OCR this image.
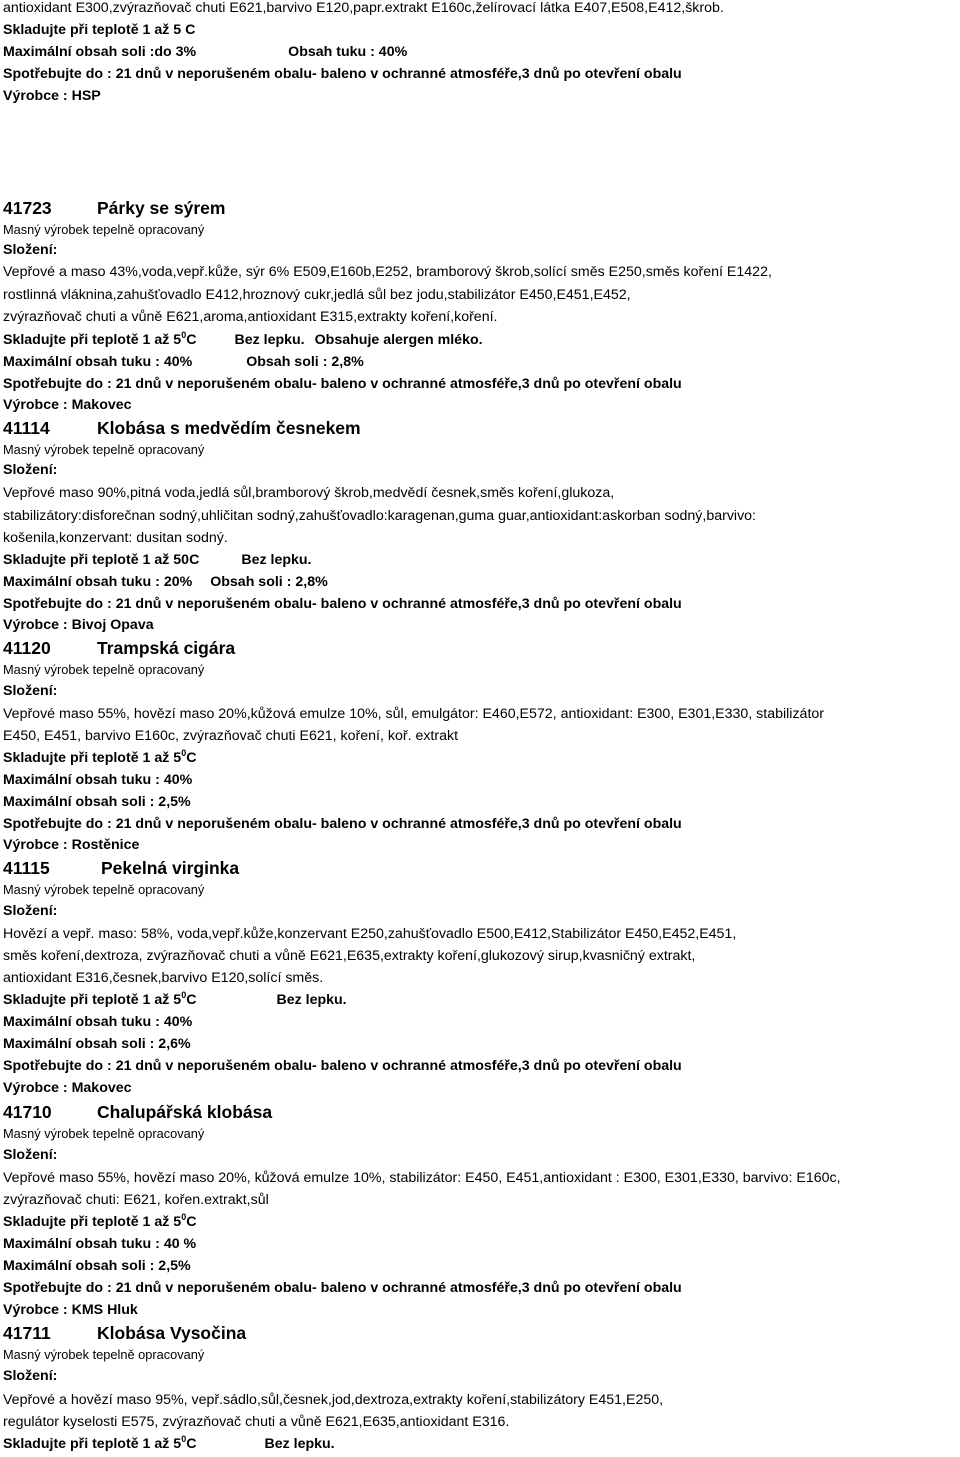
antioxidant E300,zvýrazňovač chuti E621,barvivo E120,papr.extrakt E160c,želírovací látka E407,E508,E412,škrob.
Skladujte při teplotě 1 až 5 C
Maximální obsah soli :do 3%	Obsah tuku : 40%
Spotřebujte do : 21 dnů v neporušeném obalu- baleno v ochranné atmosféře,3 dnů po otevření obalu
Výrobce : HSP
41723	Párky se sýrem
Masný výrobek tepelně opracovaný
Složení:
Vepřové a maso 43%,voda,vepř.kůže, sýr 6% E509,E160b,E252, bramborový škrob,solící směs E250,směs koření E1422,
rostlinná vláknina,zahušťovadlo E412,hroznový cukr,jedlá sůl bez jodu,stabilizátor E450,E451,E452,
zvýrazňovač chuti a vůně E621,aroma,antioxidant E315,extrakty koření,koření.
Skladujte při teplotě 1 až $5^0C$	Bez lepku. Obsahuje alergen mléko.
Maximální obsah tuku : 40%	Obsah soli : 2,8%
Spotřebujte do : 21 dnů v neporušeném obalu- baleno v ochranné atmosféře,3 dnů po otevření obalu
Výrobce : Makovec
41114	Klobása s medvědím česnekem
Masný výrobek tepelně opracovaný
Složení:
Vepřové maso 90%,pitná voda,jedlá sůl,bramborový škrob,medvědí česnek,směs koření,glukoza,
stabilizátory:disforečnan sodný,uhličitan sodný,zahušťovadlo:karagenan,guma guar,antioxidant:askorban sodný,barvivo:
košenila,konzervant: dusitan sodný.
Skladujte při teplotě 1 až 50C	Bez lepku.
Maximální obsah tuku : 20% Obsah soli : 2,8%
Spotřebujte do : 21 dnů v neporušeném obalu- baleno v ochranné atmosféře,3 dnů po otevření obalu
Výrobce : Bivoj Opava
41120	Trampská cigára
Masný výrobek tepelně opracovaný
Složení:
Vepřové maso 55%, hovězí maso 20%,kůžová emulze 10%, sůl, emulgátor: E460,E572, antioxidant: E300, E301,E330, stabilizátor
E450, E451, barvivo E160c, zvýrazňovač chuti E621, koření, koř. extrakt
Skladujte při teplotě 1 až $5^0C$
Maximální obsah tuku : 40%
Maximální obsah soli : 2,5%
Spotřebujte do : 21 dnů v neporušeném obalu- baleno v ochranné atmosféře,3 dnů po otevření obalu
Výrobce : Rostěnice
41115	Pekelná virginka
Masný výrobek tepelně opracovaný
Složení:
Hovězí a vepř. maso: 58%, voda,vepř.kůže,konzervant E250,zahušťovadlo E500,E412,Stabilizátor E450,E452,E451,
směs koření,dextroza, zvýrazňovač chuti a vůně E621,E635,extrakty koření,glukozový sirup,kvasničný extrakt,
antioxidant E316,česnek,barvivo E120,solící směs.
Skladujte při teplotě 1 až $5^0C$	Bez lepku.
Maximální obsah tuku : 40%
Maximální obsah soli : 2,6%
Spotřebujte do : 21 dnů v neporušeném obalu- baleno v ochranné atmosféře,3 dnů po otevření obalu
Výrobce : Makovec
41710	Chalupářská klobása
Masný výrobek tepelně opracovaný
Složení:
Vepřové maso 55%, hovězí maso 20%, kůžová emulze 10%, stabilizátor: E450, E451,antioxidant : E300, E301,E330, barvivo: E160c,
zvýrazňovač chuti: E621, kořen.extrakt,sůl
Skladujte při teplotě 1 až $5^0C$
Maximální obsah tuku : 40 %
Maximální obsah soli : 2,5%
Spotřebujte do : 21 dnů v neporušeném obalu- baleno v ochranné atmosféře,3 dnů po otevření obalu
Výrobce : KMS Hluk
41711	Klobása Vysočina
Masný výrobek tepelně opracovaný
Složení:
Vepřové a hovězí maso 95%, vepř.sádlo,sůl,česnek,jod,dextroza,extrakty koření,stabilizátory E451,E250,
regulátor kyselosti E575, zvýrazňovač chuti a vůně E621,E635,antioxidant E316.
Skladujte při teplotě 1 až $5^0C$	Bez lepku.
